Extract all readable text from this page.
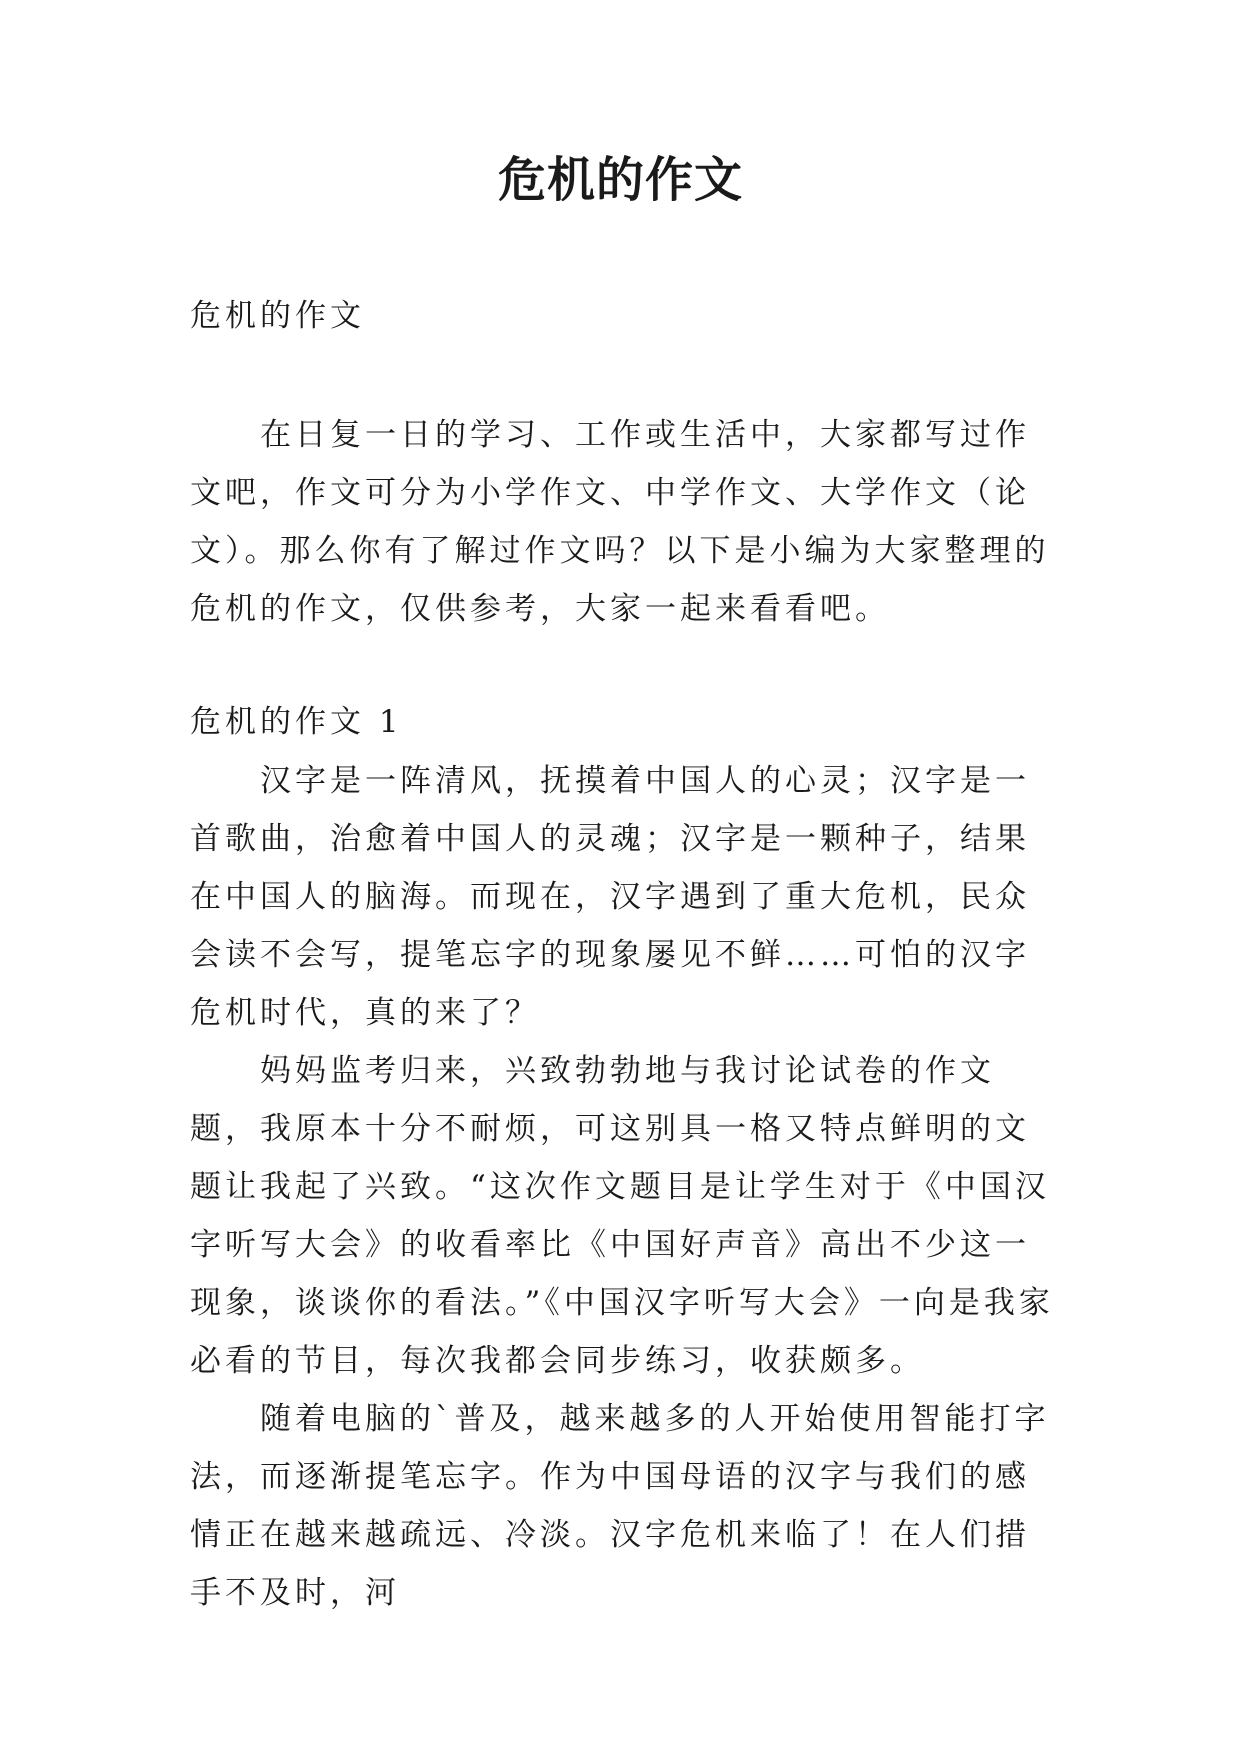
危机的作文

危机的作文

在日复一日的学习、工作或生活中，大家都写过作文吧，作文可分为小学作文、中学作文、大学作文（论文）。那么你有了解过作文吗？以下是小编为大家整理的危机的作文，仅供参考，大家一起来看看吧。

危机的作文 1

汉字是一阵清风，抚摸着中国人的心灵；汉字是一首歌曲，治愈着中国人的灵魂；汉字是一颗种子，结果在中国人的脑海。而现在，汉字遇到了重大危机，民众会读不会写，提笔忘字的现象屡见不鲜……可怕的汉字危机时代，真的来了？

妈妈监考归来，兴致勃勃地与我讨论试卷的作文题，我原本十分不耐烦，可这别具一格又特点鲜明的文题让我起了兴致。“这次作文题目是让学生对于《中国汉字听写大会》的收看率比《中国好声音》高出不少这一现象，谈谈你的看法。”《中国汉字听写大会》一向是我家必看的节目，每次我都会同步练习，收获颇多。

随着电脑的`普及，越来越多的人开始使用智能打字法，而逐渐提笔忘字。作为中国母语的汉字与我们的感情正在越来越疏远、冷淡。汉字危机来临了！在人们措手不及时，河
